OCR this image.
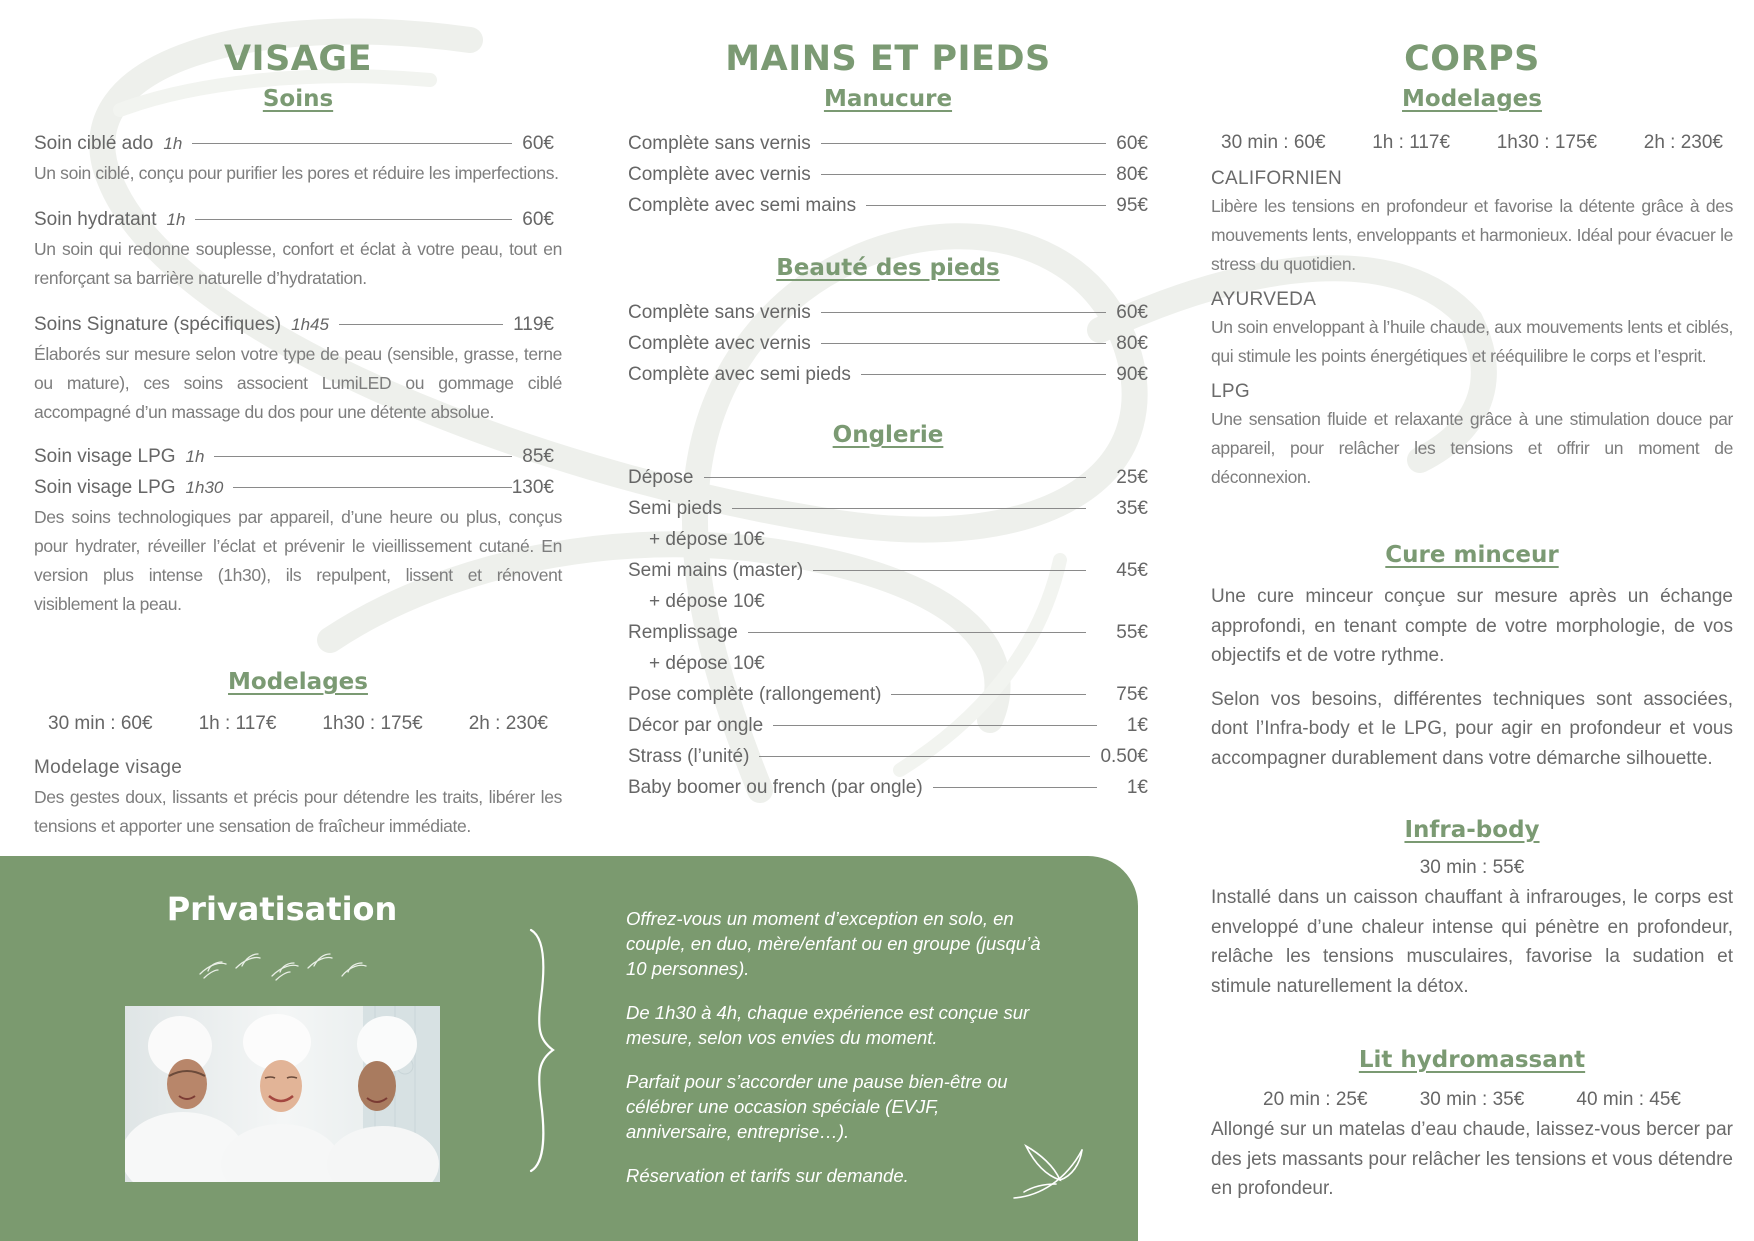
VISAGE
Soins
Soin ciblé ado 1h	60€

Un soin ciblé, conçu pour purifier les pores et réduire les imperfections.

Soin hydratant 1h	60€

Un soin qui redonne souplesse, confort et éclat à votre peau, tout en renforçant sa barrière naturelle d’hydratation.

Soins Signature (spécifiques) 1h45	119€

Élaborés sur mesure selon votre type de peau (sensible, grasse, terne ou mature), ces soins associent LumiLED ou gommage ciblé accompagné d’un massage du dos pour une détente absolue.

Soin visage LPG 1h	85€
Soin visage LPG 1h30	130€

Des soins technologiques par appareil, d’une heure ou plus, conçus pour hydrater, réveiller l’éclat et prévenir le vieillissement cutané. En version plus intense (1h30), ils repulpent, lissent et rénovent visiblement la peau.

Modelages
30 min : 60€ 1h : 117€ 1h30 : 175€ 2h : 230€
Modelage visage

Des gestes doux, lissants et précis pour détendre les traits, libérer les tensions et apporter une sensation de fraîcheur immédiate.

MAINS ET PIEDS
Manucure
Complète sans vernis	60€
Complète avec vernis	80€
Complète avec semi mains	95€
Beauté des pieds
Complète sans vernis	60€
Complète avec vernis	80€
Complète avec semi pieds	90€
Onglerie
Dépose	25€
Semi pieds	35€
+ dépose 10€
Semi mains (master)	45€
+ dépose 10€
Remplissage	55€
+ dépose 10€
Pose complète (rallongement)	75€
Décor par ongle	1€
Strass (l’unité)	0.50€
Baby boomer ou french (par ongle)	1€
CORPS
Modelages
30 min : 60€ 1h : 117€ 1h30 : 175€ 2h : 230€
CALIFORNIEN

Libère les tensions en profondeur et favorise la détente grâce à des mouvements lents, enveloppants et harmonieux. Idéal pour évacuer le stress du quotidien.

AYURVEDA

Un soin enveloppant à l’huile chaude, aux mouvements lents et ciblés, qui stimule les points énergétiques et rééquilibre le corps et l’esprit.

LPG

Une sensation fluide et relaxante grâce à une stimulation douce par appareil, pour relâcher les tensions et offrir un moment de déconnexion.

Cure minceur

Une cure minceur conçue sur mesure après un échange approfondi, en tenant compte de votre morphologie, de vos objectifs et de votre rythme.

Selon vos besoins, différentes techniques sont associées, dont l’Infra-body et le LPG, pour agir en profondeur et vous accompagner durablement dans votre démarche silhouette.

Infra-body
30 min : 55€

Installé dans un caisson chauffant à infrarouges, le corps est enveloppé d’une chaleur intense qui pénètre en profondeur, relâche les tensions musculaires, favorise la sudation et stimule naturellement la détox.

Lit hydromassant
20 min : 25€	30 min : 35€	40 min : 45€

Allongé sur un matelas d’eau chaude, laissez-vous bercer par des jets massants pour relâcher les tensions et vous détendre en profondeur.

Privatisation	Offrez-vous un moment d’exception en solo, en couple, en duo, mère/enfant ou en groupe (jusqu’à 10 personnes).

De 1h30 à 4h, chaque expérience est conçue sur mesure, selon vos envies du moment.

Parfait pour s’accorder une pause bien-être ou célébrer une occasion spéciale (EVJF, anniversaire, entreprise…).

Réservation et tarifs sur demande.
